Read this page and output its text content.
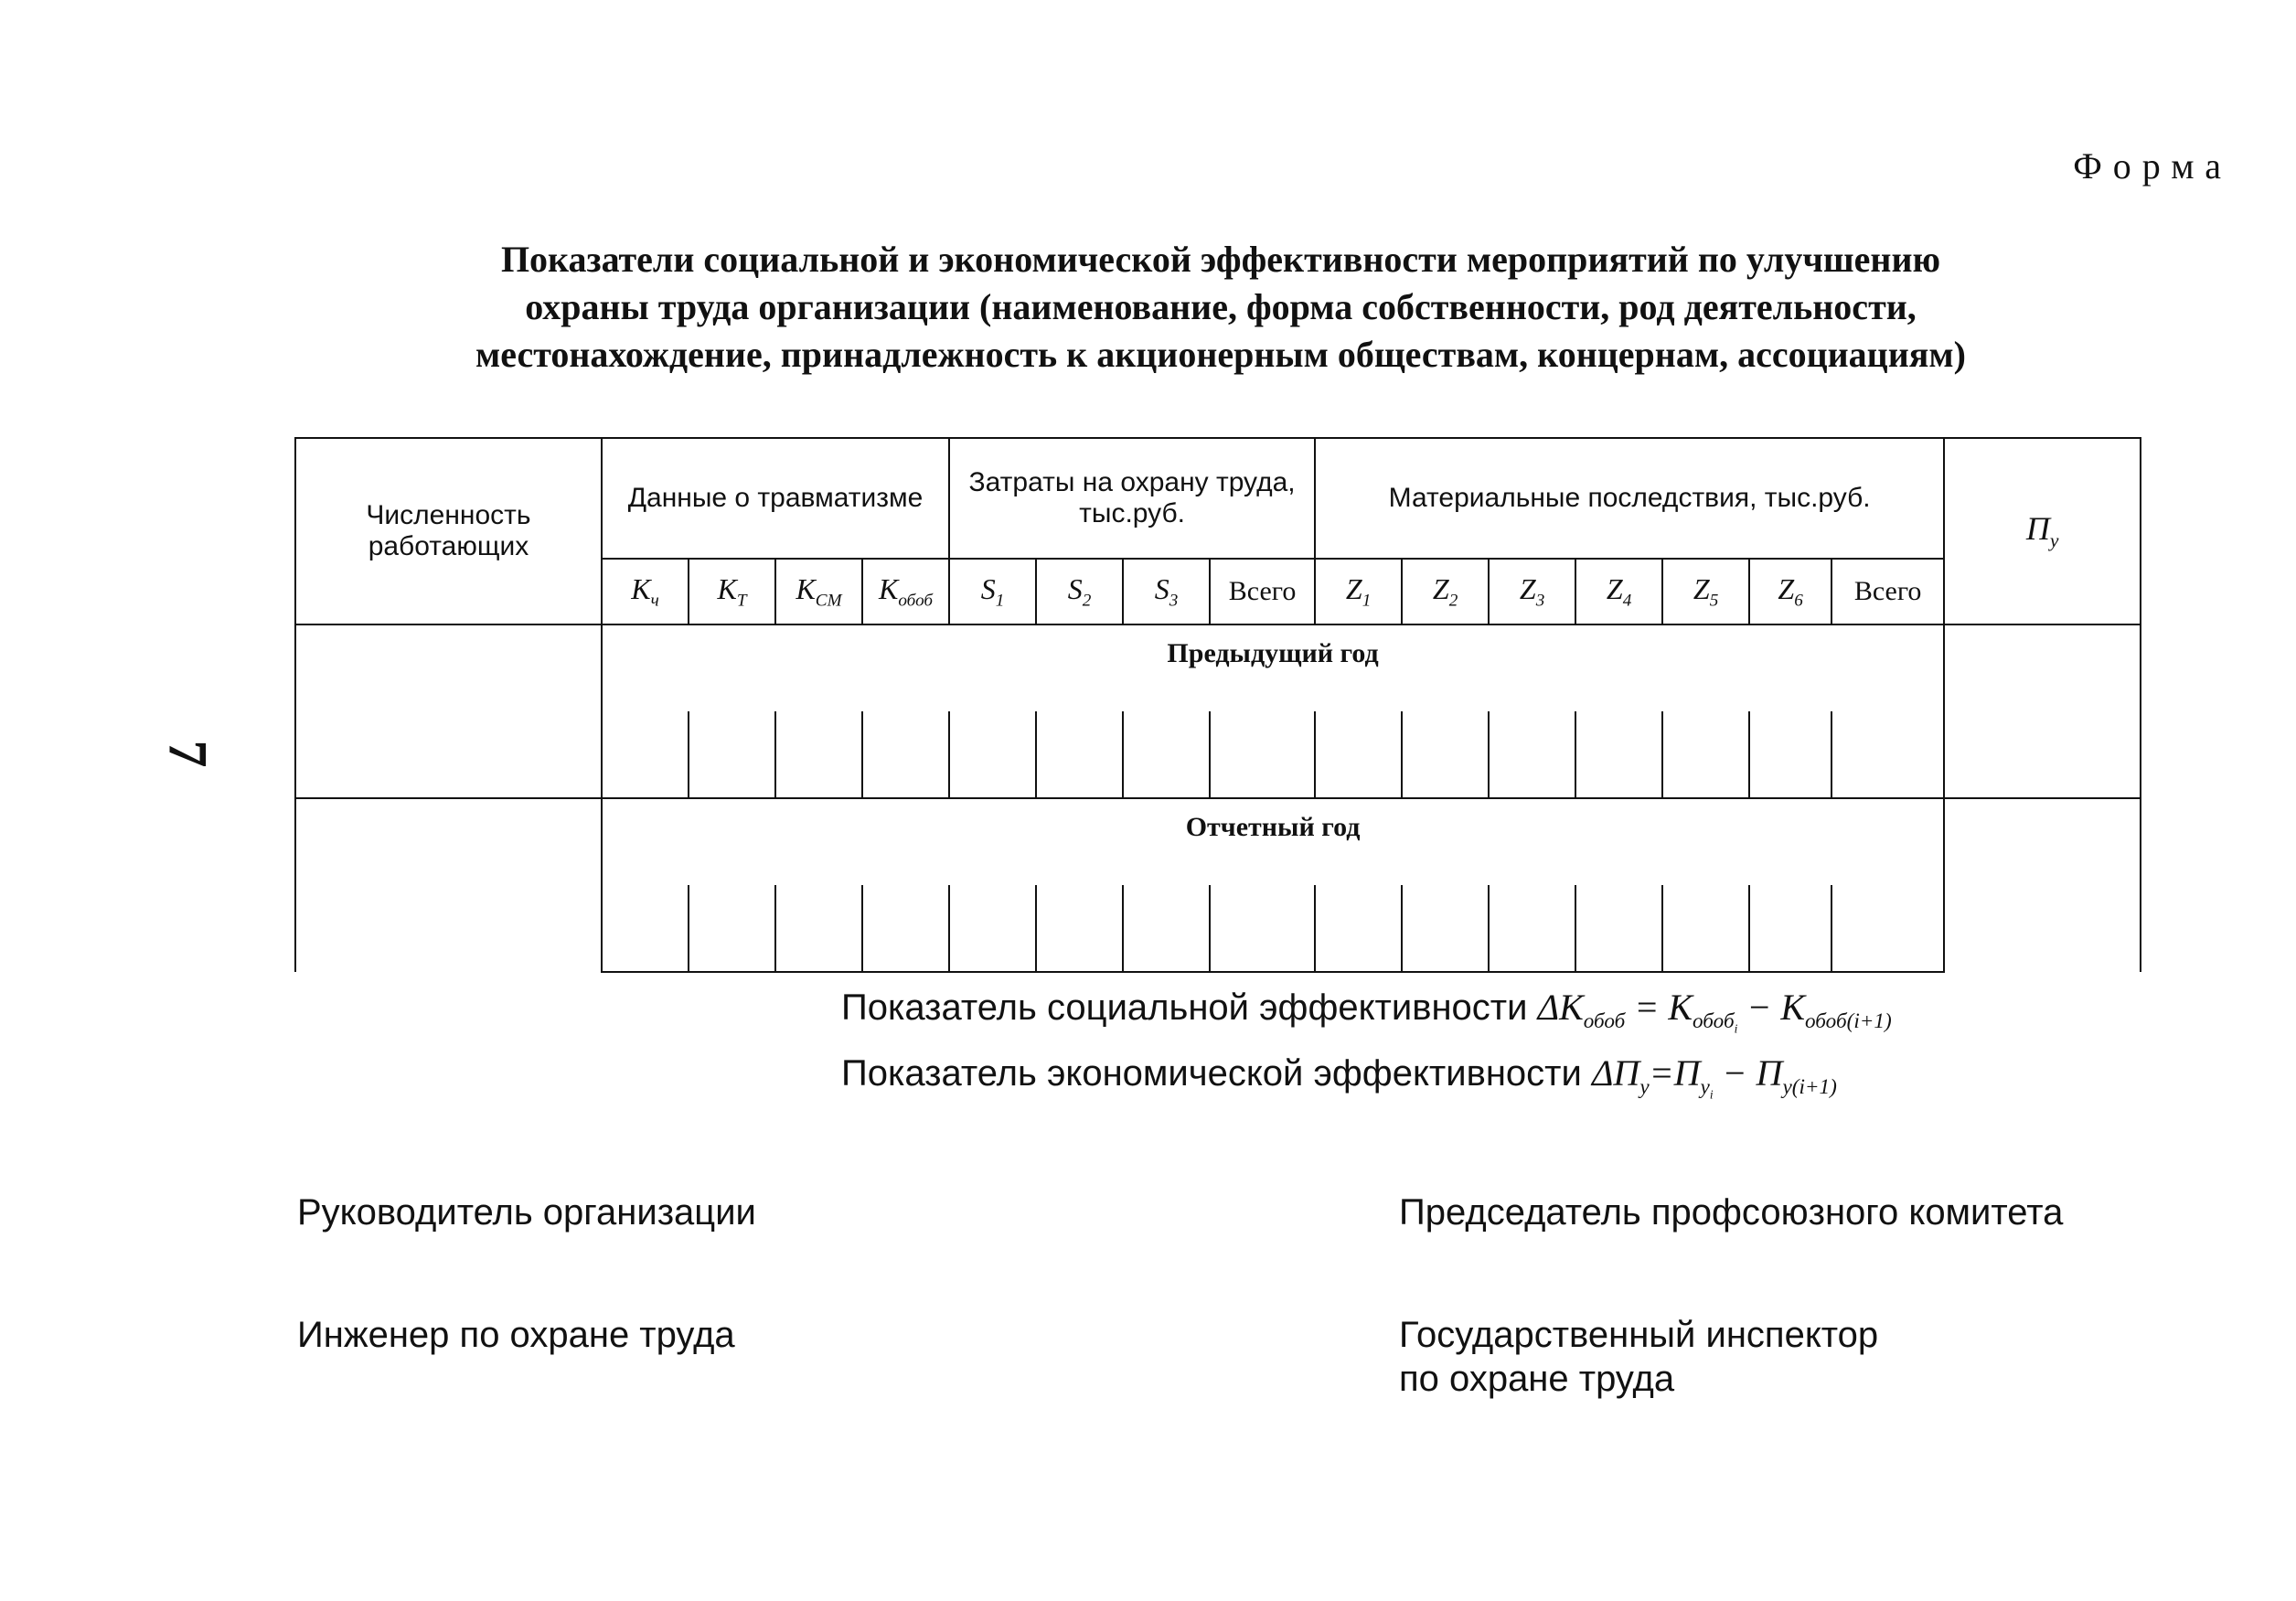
Форма
Показатели социальной и экономической эффективности мероприятий по улучшению
охраны труда организации (наименование, форма собственности, род деятельности,
местонахождение, принадлежность к акционерным обществам, концернам, ассоциациям)
7
Численность работающих	Данные о травматизме				Затраты на охрану труда, тыс.руб.				Материальные последствия, тыс.руб.							$П_у$
	$K_ч$	$K_T$	$K_{CM}$	$K_{обоб}$	$S_1$	$S_2$	$S_3$	Всего	$Z_1$	$Z_2$	$Z_3$	$Z_4$	$Z_5$	$Z_6$	Всего	
	Предыдущий год															

	Отчетный год															

Показатель социальной эффективности $\Delta K_{обоб} = K_{обоб_i} - K_{обоб(i+1)}$
Показатель экономической эффективности $\Delta П_у=П_{у_i} - П_{у(i+1)}$
Руководитель организации	Председатель профсоюзного комитета
Инженер по охране труда	Государственный инспектор
по охране труда
